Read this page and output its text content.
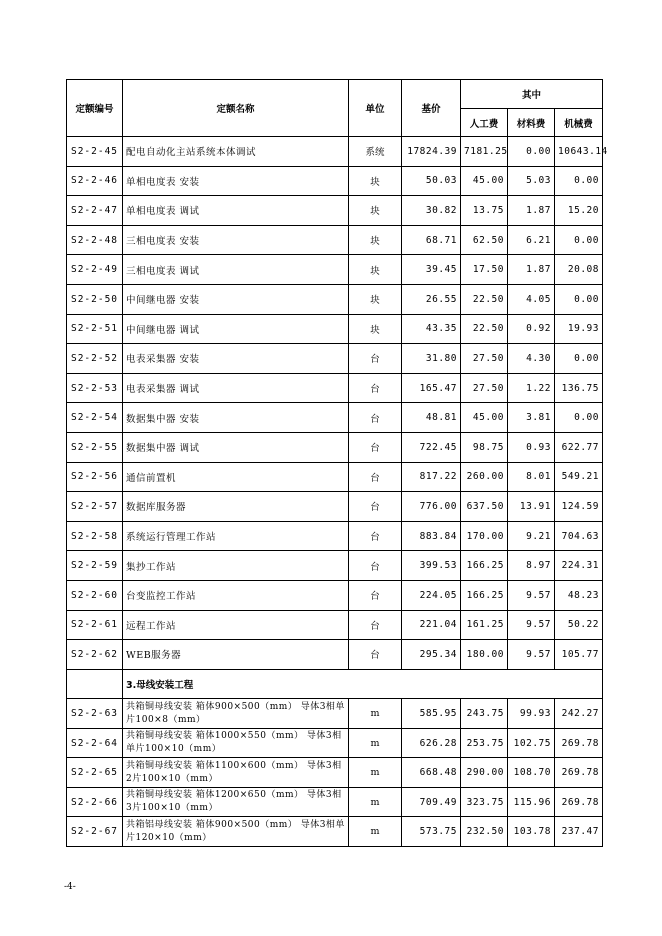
定额编号	定额名称	单位	基价	其中		
				人工费	材料费	机械费
S2-2-45	配电自动化主站系统本体调试	系统	17824.39	7181.25	0.00	10643.14
S2-2-46	单相电度表 安装	块	50.03	45.00	5.03	0.00
S2-2-47	单相电度表 调试	块	30.82	13.75	1.87	15.20
S2-2-48	三相电度表 安装	块	68.71	62.50	6.21	0.00
S2-2-49	三相电度表 调试	块	39.45	17.50	1.87	20.08
S2-2-50	中间继电器 安装	块	26.55	22.50	4.05	0.00
S2-2-51	中间继电器 调试	块	43.35	22.50	0.92	19.93
S2-2-52	电表采集器 安装	台	31.80	27.50	4.30	0.00
S2-2-53	电表采集器 调试	台	165.47	27.50	1.22	136.75
S2-2-54	数据集中器 安装	台	48.81	45.00	3.81	0.00
S2-2-55	数据集中器 调试	台	722.45	98.75	0.93	622.77
S2-2-56	通信前置机	台	817.22	260.00	8.01	549.21
S2-2-57	数据库服务器	台	776.00	637.50	13.91	124.59
S2-2-58	系统运行管理工作站	台	883.84	170.00	9.21	704.63
S2-2-59	集抄工作站	台	399.53	166.25	8.97	224.31
S2-2-60	台变监控工作站	台	224.05	166.25	9.57	48.23
S2-2-61	远程工作站	台	221.04	161.25	9.57	50.22
S2-2-62	WEB服务器	台	295.34	180.00	9.57	105.77
	3.母线安装工程					
S2-2-63	共箱铜母线安装 箱体900×500（mm） 导体3相单片100×8（mm）	m	585.95	243.75	99.93	242.27
S2-2-64	共箱铜母线安装 箱体1000×550（mm） 导体3相单片100×10（mm）	m	626.28	253.75	102.75	269.78
S2-2-65	共箱铜母线安装 箱体1100×600（mm） 导体3相2片100×10（mm）	m	668.48	290.00	108.70	269.78
S2-2-66	共箱铜母线安装 箱体1200×650（mm） 导体3相3片100×10（mm）	m	709.49	323.75	115.96	269.78
S2-2-67	共箱铝母线安装 箱体900×500（mm） 导体3相单片120×10（mm）	m	573.75	232.50	103.78	237.47
-4-
